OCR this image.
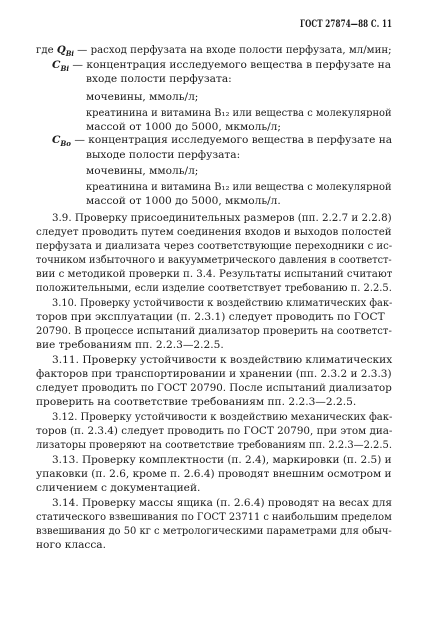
ГОСТ 27874—88 С. 11
где $Q_{Bi}$ — расход перфузата на входе полости перфузата, мл/мин;
$C_{Bi}$ — концентрация исследуемого вещества в перфузате на
входе полости перфузата:
мочевины, ммоль/л;
креатинина и витамина B₁₂ или вещества с молекулярной
массой от 1000 до 5000, мкмоль/л;
$C_{Bo}$ — концентрация исследуемого вещества в перфузате на
выходе полости перфузата:
мочевины, ммоль/л;
креатинина и витамина B₁₂ или вещества с молекулярной
массой от 1000 до 5000, мкмоль/л.
3.9. Проверку присоединительных размеров (пп. 2.2.7 и 2.2.8)
следует проводить путем соединения входов и выходов полостей
перфузата и диализата через соответствующие переходники с ис-
точником избыточного и вакуумметрического давления в соответст-
вии с методикой проверки п. 3.4. Результаты испытаний считают
положительными, если изделие соответствует требованию п. 2.2.5.
3.10. Проверку устойчивости к воздействию климатических фак-
торов при эксплуатации (п. 2.3.1) следует проводить по ГОСТ
20790. В процессе испытаний диализатор проверить на соответст-
вие требованиям пп. 2.2.3—2.2.5.
3.11. Проверку устойчивости к воздействию климатических
факторов при транспортировании и хранении (пп. 2.3.2 и 2.3.3)
следует проводить по ГОСТ 20790. После испытаний диализатор
проверить на соответствие требованиям пп. 2.2.3—2.2.5.
3.12. Проверку устойчивости к воздействию механических фак-
торов (п. 2.3.4) следует проводить по ГОСТ 20790, при этом диа-
лизаторы проверяют на соответствие требованиям пп. 2.2.3—2.2.5.
3.13. Проверку комплектности (п. 2.4), маркировки (п. 2.5) и
упаковки (п. 2.6, кроме п. 2.6.4) проводят внешним осмотром и
сличением с документацией.
3.14. Проверку массы ящика (п. 2.6.4) проводят на весах для
статического взвешивания по ГОСТ 23711 с наибольшим пределом
взвешивания до 50 кг с метрологическими параметрами для обыч-
ного класса.
